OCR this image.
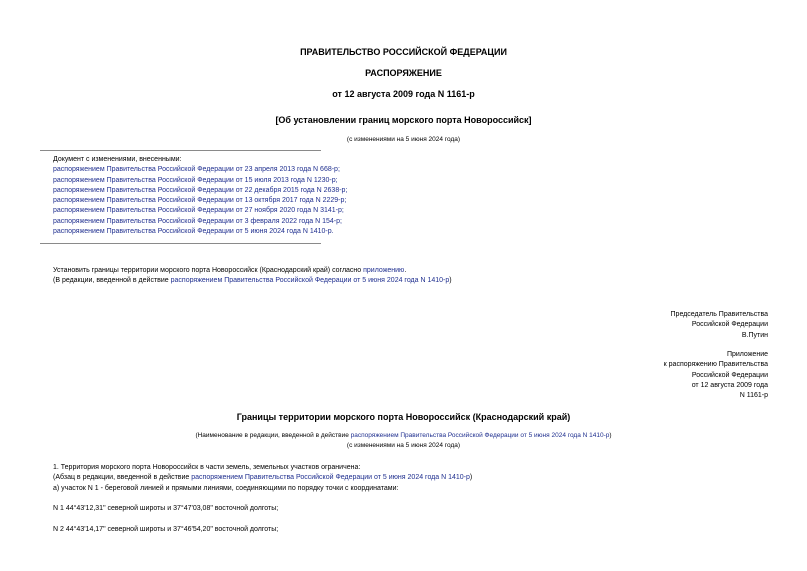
ПРАВИТЕЛЬСТВО РОССИЙСКОЙ ФЕДЕРАЦИИ
РАСПОРЯЖЕНИЕ
от 12 августа 2009 года N 1161-р
[Об установлении границ морского порта Новороссийск]
(с изменениями на 5 июня 2024 года)
Документ с изменениями, внесенными:
распоряжением Правительства Российской Федерации от 23 апреля 2013 года N 668-р;
распоряжением Правительства Российской Федерации от 15 июля 2013 года N 1230-р;
распоряжением Правительства Российской Федерации от 22 декабря 2015 года N 2638-р;
распоряжением Правительства Российской Федерации от 13 октября 2017 года N 2229-р;
распоряжением Правительства Российской Федерации от 27 ноября 2020 года N 3141-р;
распоряжением Правительства Российской Федерации от 3 февраля 2022 года N 154-р;
распоряжением Правительства Российской Федерации от 5 июня 2024 года N 1410-р.
Установить границы территории морского порта Новороссийск (Краснодарский край) согласно приложению.
(В редакции, введенной в действие распоряжением Правительства Российской Федерации от 5 июня 2024 года N 1410-р)
Председатель Правительства
Российской Федерации
В.Путин
Приложение
к распоряжению Правительства
Российской Федерации
от 12 августа 2009 года
N 1161-р
Границы территории морского порта Новороссийск (Краснодарский край)
(Наименование в редакции, введенной в действие распоряжением Правительства Российской Федерации от 5 июня 2024 года N 1410-р)
(с изменениями на 5 июня 2024 года)
1. Территория морского порта Новороссийск в части земель, земельных участков ограничена:
(Абзац в редакции, введенной в действие распоряжением Правительства Российской Федерации от 5 июня 2024 года N 1410-р)
а) участок N 1 - береговой линией и прямыми линиями, соединяющими по порядку точки с координатами:
N 1 44°43'12,31" северной широты и 37°47'03,08" восточной долготы;
N 2 44°43'14,17" северной широты и 37°46'54,20" восточной долготы;
